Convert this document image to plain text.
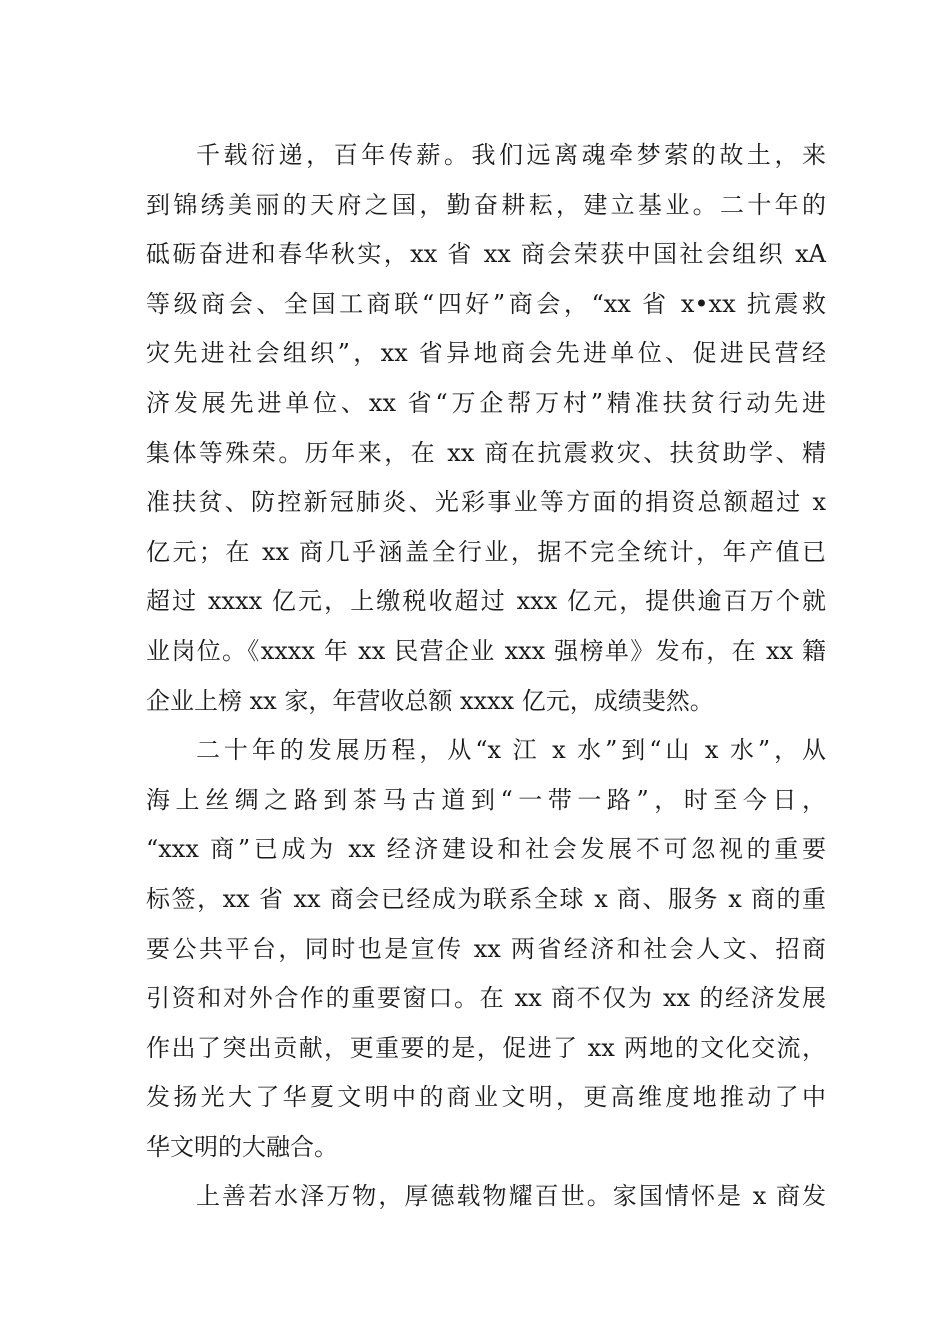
千载衍递，百年传薪。我们远离魂牵梦萦的故土，来
到锦绣美丽的天府之国，勤奋耕耘，建立基业。二十年的
砥砺奋进和春华秋实，xx 省 xx 商会荣获中国社会组织 xA
等级商会、全国工商联“四好”商会，“xx 省 x•xx 抗震救
灾先进社会组织”，xx 省异地商会先进单位、促进民营经
济发展先进单位、xx 省“万企帮万村”精准扶贫行动先进
集体等殊荣。历年来，在 xx 商在抗震救灾、扶贫助学、精
准扶贫、防控新冠肺炎、光彩事业等方面的捐资总额超过 x
亿元；在 xx 商几乎涵盖全行业，据不完全统计，年产值已
超过 xxxx 亿元，上缴税收超过 xxx 亿元，提供逾百万个就
业岗位。《xxxx 年 xx 民营企业 xxx 强榜单》发布，在 xx 籍
企业上榜 xx 家，年营收总额 xxxx 亿元，成绩斐然。
二十年的发展历程，从“x 江 x 水”到“山 x 水”，从
海上丝绸之路到茶马古道到“一带一路”，时至今日，
“xxx 商”已成为 xx 经济建设和社会发展不可忽视的重要
标签，xx 省 xx 商会已经成为联系全球 x 商、服务 x 商的重
要公共平台，同时也是宣传 xx 两省经济和社会人文、招商
引资和对外合作的重要窗口。在 xx 商不仅为 xx 的经济发展
作出了突出贡献，更重要的是，促进了 xx 两地的文化交流，
发扬光大了华夏文明中的商业文明，更高维度地推动了中
华文明的大融合。
上善若水泽万物，厚德载物耀百世。家国情怀是 x 商发
